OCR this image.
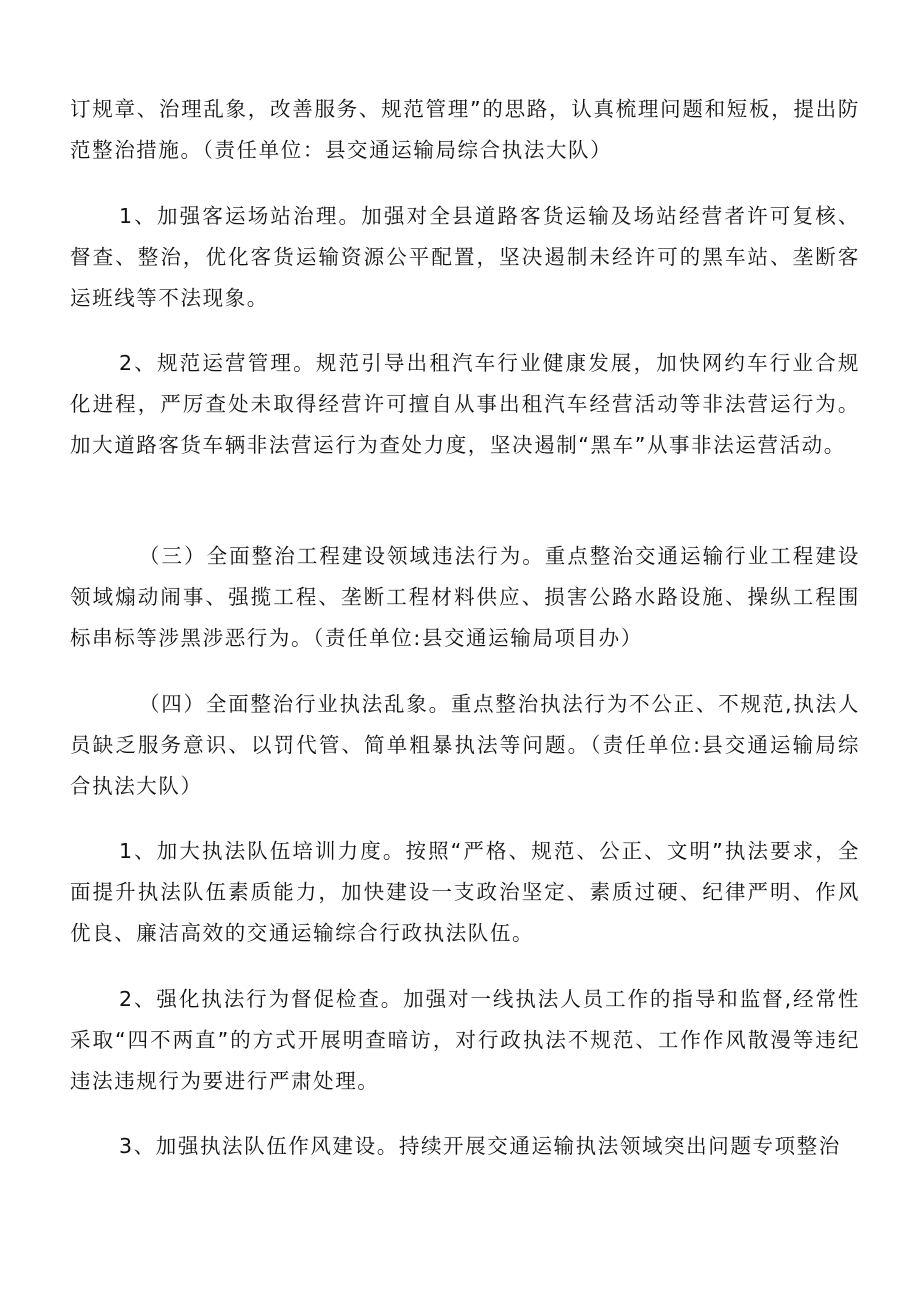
订规章、治理乱象，改善服务、规范管理”的思路，认真梳理问题和短板，提出防范整治措施。（责任单位：县交通运输局综合执法大队）

1、加强客运场站治理。加强对全县道路客货运输及场站经营者许可复核、督查、整治，优化客货运输资源公平配置，坚决遏制未经许可的黑车站、垄断客运班线等不法现象。

2、规范运营管理。规范引导出租汽车行业健康发展，加快网约车行业合规化进程，严厉查处未取得经营许可擅自从事出租汽车经营活动等非法营运行为。加大道路客货车辆非法营运行为查处力度，坚决遏制“黑车”从事非法运营活动。

（三）全面整治工程建设领域违法行为。重点整治交通运输行业工程建设领域煽动闹事、强揽工程、垄断工程材料供应、损害公路水路设施、操纵工程围标串标等涉黑涉恶行为。（责任单位:县交通运输局项目办）

（四）全面整治行业执法乱象。重点整治执法行为不公正、不规范,执法人员缺乏服务意识、以罚代管、简单粗暴执法等问题。（责任单位:县交通运输局综合执法大队）

1、加大执法队伍培训力度。按照“严格、规范、公正、文明”执法要求，全面提升执法队伍素质能力，加快建设一支政治坚定、素质过硬、纪律严明、作风优良、廉洁高效的交通运输综合行政执法队伍。

2、强化执法行为督促检查。加强对一线执法人员工作的指导和监督,经常性采取“四不两直”的方式开展明查暗访，对行政执法不规范、工作作风散漫等违纪违法违规行为要进行严肃处理。

3、加强执法队伍作风建设。持续开展交通运输执法领域突出问题专项整治
